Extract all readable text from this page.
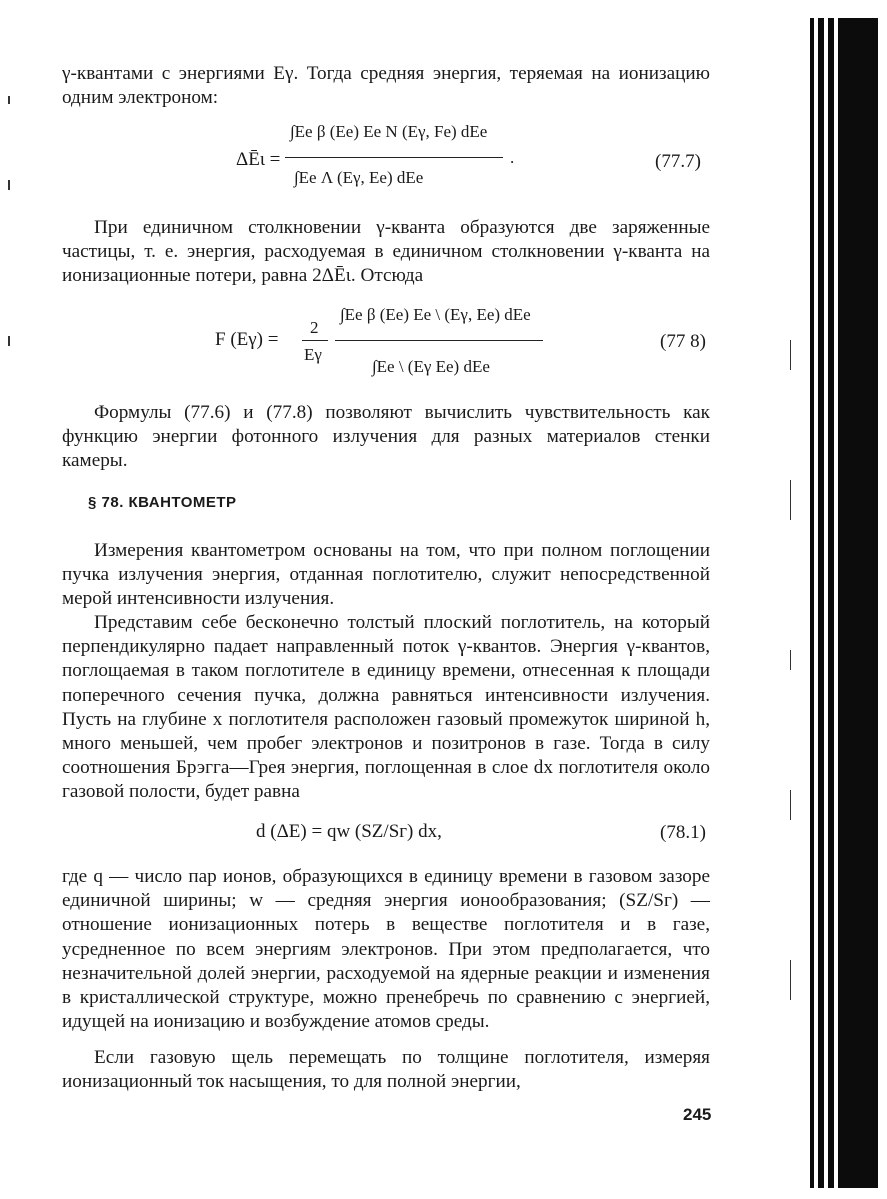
γ-квантами с энергиями Eγ. Тогда средняя энергия, теряемая на ионизацию одним электроном:

ΔĒι =
∫Ee β (Ee) Ee N (Eγ, Fe) dEe
∫Ee Λ (Eγ, Ee) dEe
.	(77.7)

При единичном столкновении γ-кванта образуются две заряженные частицы, т. е. энергия, расходуемая в единичном столкновении γ-кванта на ионизационные потери, равна 2ΔĒι. Отсюда

F (Eγ) =
2
Eγ
∫Ee β (Ee) Ee \ (Eγ, Ee) dEe
∫Ee \ (Eγ Ee) dEe
(77 8)

Формулы (77.6) и (77.8) позволяют вычислить чувствительность как функцию энергии фотонного излучения для разных материалов стенки камеры.

§ 78. КВАНТОМЕТР

Измерения квантометром основаны на том, что при полном поглощении пучка излучения энергия, отданная поглотителю, служит непосредственной мерой интенсивности излучения.

Представим себе бесконечно толстый плоский поглотитель, на который перпендикулярно падает направленный поток γ-квантов. Энергия γ-квантов, поглощаемая в таком поглотителе в единицу времени, отнесенная к площади поперечного сечения пучка, должна равняться интенсивности излучения. Пусть на глубине x поглотителя расположен газовый промежуток шириной h, много меньшей, чем пробег электронов и позитронов в газе. Тогда в силу соотношения Брэгга—Грея энергия, поглощенная в слое dx поглотителя около газовой полости, будет равна

d (ΔE) = qw (SZ/Sг) dx,	(78.1)

где q — число пар ионов, образующихся в единицу времени в газовом зазоре единичной ширины; w — средняя энергия ионообразования; (SZ/Sг) — отношение ионизационных потерь в веществе поглотителя и в газе, усредненное по всем энергиям электронов. При этом предполагается, что незначительной долей энергии, расходуемой на ядерные реакции и изменения в кристаллической структуре, можно пренебречь по сравнению с энергией, идущей на ионизацию и возбуждение атомов среды.

Если газовую щель перемещать по толщине поглотителя, измеряя ионизационный ток насыщения, то для полной энергии,

245
